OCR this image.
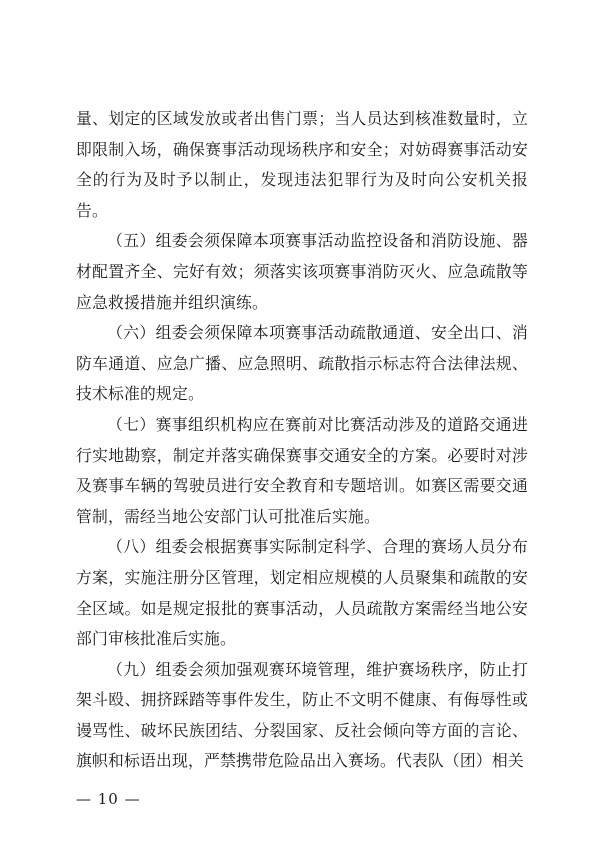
量、划定的区域发放或者出售门票；当人员达到核准数量时，立即限制入场，确保赛事活动现场秩序和安全；对妨碍赛事活动安全的行为及时予以制止，发现违法犯罪行为及时向公安机关报告。

（五）组委会须保障本项赛事活动监控设备和消防设施、器材配置齐全、完好有效；须落实该项赛事消防灭火、应急疏散等应急救援措施并组织演练。

（六）组委会须保障本项赛事活动疏散通道、安全出口、消防车通道、应急广播、应急照明、疏散指示标志符合法律法规、技术标准的规定。

（七）赛事组织机构应在赛前对比赛活动涉及的道路交通进行实地勘察，制定并落实确保赛事交通安全的方案。必要时对涉及赛事车辆的驾驶员进行安全教育和专题培训。如赛区需要交通管制，需经当地公安部门认可批准后实施。

（八）组委会根据赛事实际制定科学、合理的赛场人员分布方案，实施注册分区管理，划定相应规模的人员聚集和疏散的安全区域。如是规定报批的赛事活动，人员疏散方案需经当地公安部门审核批准后实施。

（九）组委会须加强观赛环境管理，维护赛场秩序，防止打架斗殴、拥挤踩踏等事件发生，防止不文明不健康、有侮辱性或谩骂性、破坏民族团结、分裂国家、反社会倾向等方面的言论、旗帜和标语出现，严禁携带危险品出入赛场。代表队（团）相关

— 10 —
